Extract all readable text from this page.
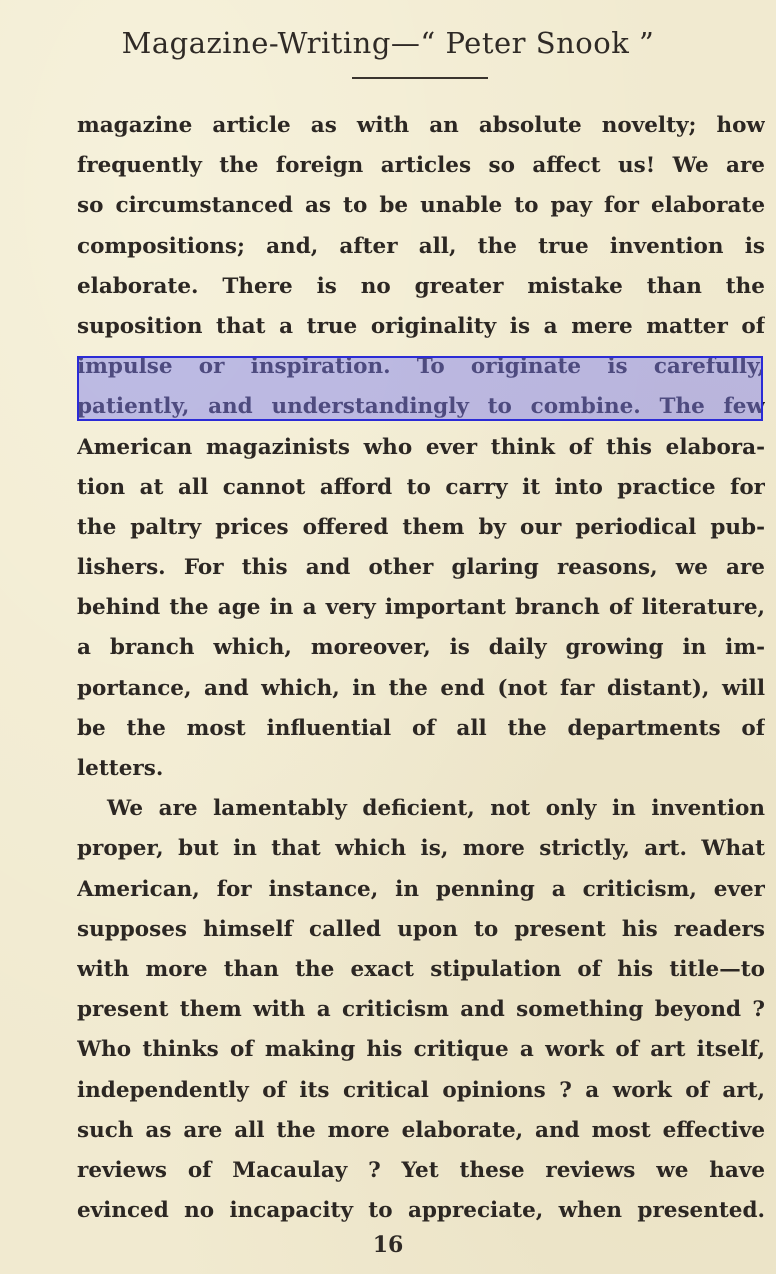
Magazine-Writing—“ Peter Snook ”
magazine article as with an absolute novelty; how
frequently the foreign articles so affect us! We are
so circumstanced as to be unable to pay for elaborate
compositions; and, after all, the true invention is
elaborate. There is no greater mistake than the
suposition that a true originality is a mere matter of
impulse or inspiration. To originate is carefully,
patiently, and understandingly to combine. The few
American magazinists who ever think of this elabora-
tion at all cannot afford to carry it into practice for
the paltry prices offered them by our periodical pub-
lishers. For this and other glaring reasons, we are
behind the age in a very important branch of literature,
a branch which, moreover, is daily growing in im-
portance, and which, in the end (not far distant), will
be the most influential of all the departments of
letters.
We are lamentably deficient, not only in invention
proper, but in that which is, more strictly, art. What
American, for instance, in penning a criticism, ever
supposes himself called upon to present his readers
with more than the exact stipulation of his title—to
present them with a criticism and something beyond ?
Who thinks of making his critique a work of art itself,
independently of its critical opinions ? a work of art,
such as are all the more elaborate, and most effective
reviews of Macaulay ? Yet these reviews we have
evinced no incapacity to appreciate, when presented.
16
